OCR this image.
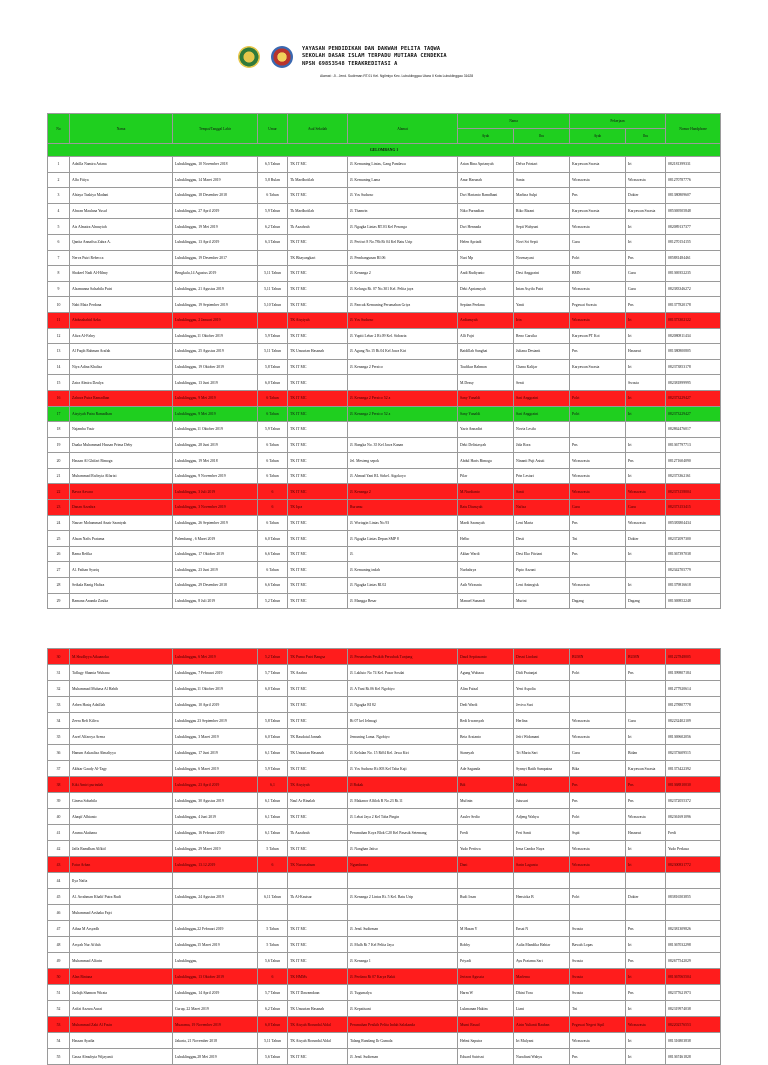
YAYASAN PENDIDIKAN DAN DAKWAH PELITA TAQWA
SEKOLAH DASAR ISLAM TERPADU MUTIARA CENDEKIA
NPSN 69853548 TERAKREDITASI A
Alamat : Jl.. Jend. Sudirman RT.01 Kel. Ngilmiyo Kec. Lubuklinggau Utara II Kota Lubuklinggau 31628
No	Nama	Tempat/Tanggal Lahir	Umur	Asal Sekolah	Alamat	Nama		Pekerjaan		Nomor Handphone
						Ayah	Ibu	Ayah	Ibu	
GELOMBANG 1										
1	Adzilla Namira Ariana	Lubuklinggau, 10 November 2018	6,5 Tahun	TK IT MC	Jl. Kemuning Lintas, Gang Pandawa	Arian Bina Aprianyah	Delva Frintari	Karyawan Swasta	Irt	082181399331
2	Alfa Fitiya	Lubuklinggau, 14 Maret 2019	5,8 Bulan	Tk Mardhotilah	Jl. Kemuning Lama	Anur Harunah	Santa	Wiraswasta	Wiraswasta	081270787776
3	Ahtaya Tazkiya Madani	Lubuklinggau, 18 Desember 2018	6 Tahun	TK IT MC	Jl. Yos Sudarso	Dwi Hartanto Ramdhani	Marlina Sulpi	Pns	Dokter	081380809607
4	Ahwan Maulana Yusuf	Lubuklinggau, 27 April 2019	5,9 Tahun	Tk Mardhotilah	Jl. Thamrin	Niko Purnadian	Riko Rizani	Karyawan Swasta	Karyawan Swasta	085369505848
5	Ais Almaira Alnasyiah	Lubuklinggau, 19 Mei 2019	6,2 Tahun	Tk Azzahrah	Jl. Ngagka Lintas RT.03 Kel Pesonga	Dwi Hennada	Septi Wahyuni	Wiraswasta	Irt	082089137377
6	Qanita Annafisa Zahra A.	Lubuklinggau, 13 April 2019	6,3 Tahun	TK IT MC	Jl. Pertiwi 8 No.78b Rt 04 Kel Batu Urip	Helen Apriadi	Novi Sri Septi	Guru	Irt	081270154155
7	Nerva Putri Rebecca	Lubuklinggau, 19 Desember 2017		TK Bhayangkari	Jl. Pembangunan RI.06	Nuri Mp	Novmayani	Polri	Pns	085881484461
8	Shakeel Nadi Al-Hilmy	Bengkulu,14 Agustus 2019	5,11 Tahun	TK IT MC	Jl. Kenanga 2	Andi Rudiyanto	Desi Anggraini	BMN	Guru	081369352235
9	Alsamanna Salsabila Putri	Lubuklinggau, 21 Agustus 2019	5,11 Tahun	TK IT MC	Jl. Kelurga Rt. 07 No.301 Kel. Pelita jaya	Deki Apriansyah	Intan Asyifa Putri	Wiraswasta	Guru	082383346272
10	Nabi Maiz Perdana	Lubuklinggau, 19 September 2019	5,10 Tahun	TK IT MC	Jl. Pancuk Kemuning Perumahan Griya	Septian Perdana	Yanti	Pegawai Swasta	Pns	081377820178
11	Abdusshahid Azka	Lubuklinggau, 2 Januari 2019		TK Aisyiyah	Jl. Yos Sudarso	Ardiansyah	Irin	Wiraswasta	Irt	081373302122
12	Afiza Al-Fahry	Lubuklinggau,11 Oktober 2019	5,9 Tahun	TK IT MC	Jl. Yupiti Lebar 2 Rt.09 Kel. Sidoarta	Alli Fajri	Reno Garsika	Karyawan PT Koi	Irt	082080811434
13	Al Faqih Rahman Arafah	Lubuklinggau, 25 Agustus 2019	5,11 Tahun	TK Unsurian Hasanah	Jl. Agung No.15 Rt.04 Kel Jawa Kiri	Baidillah Sunghai	Juliana Destanti	Pns	Hasnawi	081380800805
14	Niya Adina Khalisa	Lubuklinggau, 19 Oktober 2019	5,8 Tahun	TK IT MC	Jl. Kenanga 2 Persico	Taufikur Rahman	Chana Kalijar	Karyawan Swasta	Irt	082373853178
15	Zaira Almira Dzulya	Lubuklinggau, 13 Juni 2019	6,0 Tahun	TK IT MC		M.Deasy	Senti		Swasta	082381899995
16	Zahava Putra Ramadhan	Lubuklinggau, 9 Mei 2019	6 Tahun	TK IT MC	Jl. Kenanga 2 Persico 52 a	Sany Yunaldi	Sari Anggraini	Polri	Irt	082373229427
17	Aisyiyah Putra Ramadhan	Lubuklinggau, 9 Mei 2019	6 Tahun	TK IT MC	Jl. Kenanga 2 Persico 52 a	Sany Yunaldi	Sari Anggraini	Polri	Irt	082373229427
18	Najamba Yasir	Lubuklinggau,11 Oktober 2019	5,9 Tahun	TK IT MC		Yazir Annadiri	Novia Lestfa			082862476017
19	Duaka Muhammad Hassan Prima Deby	Lubuklinggau, 28 Juni 2019	6 Tahun	TK IT MC	Jl. Bangka No. 35 Kel Jawa Kanan	Deki Delistasyah	Jida Rora	Pns	Irt	081367797713
20	Hassan Al Ghifari Bimoga	Lubuklinggau, 19 Mei 2018	6 Tahun	TK IT MC	Jel. Mesteng sepok	Abdul Haris Bimoga	Ninanti Puji Astuti	Wiraswasta	Pns	081271604090
21	Muhammad Rafisyia Alfarizi	Lubuklinggau, 9 November 2019	6 Tahun	TK IT MC	Jl. Ahmad Yani RL Sirkel. Aigokoyo	Pilar	Prin Lestari	Wiraswasta	Irt	082373362161
22	Bavra Azvara	Lubuklinggau, 3 Juli 2019	6	TK IT MC	Jl. Kenanga 2	M.Nurdianto	Santi	Wiraswasta	Wiraswasta	082373158004
23	Danan Azzahra	Lubuklinggau, 3 November 2019	6	TK Iqra	Rurumu	Ratu Diansyah	Nafisa	Guru	Guru	082373153415
24	Nauser Mohammad Anair Saantyah	Lubuklinggau, 26 September 2019	6 Tahun	TK IT MC	Jl. Wortagin Lintas No.93	Mardi Saansyah	Leni Marta	Pns	Wiraswasta	085383804434
25	Ahsan Nafis Pratama	Palembang , 6 Maret 2019	6,0 Tahun	TK IT MC	Jl. Ngagka Lintas Depan SMP 8	Helbo	Desti	Tni	Dokter	082372097300
26	Rama Refika	Lubuklinggau, 17 Oktober 2019	6,6 Tahun	TK IT MC	Jl.	Akbar Wardi	Desi Eko Fitriani	Pns	Irt	081367397038
27	Al. Fathan Syariq	Lubuklinggau, 23 Juni 2019	6 Tahun	TK IT MC	Jl. Kemuning indah	Nurbahrya	Pipto Azzani			082342705779
28	Seikala Ranig Hafiza	Lubuklinggau, 29 Desember 2018	6,6 Tahun	TK IT MC	Jl. Ngagka Lintas RI.02	Asih Wirasnia	Leni Aninrgisk	Wiraswasta	Irt	081379816618
29	Ramana Ananda Zasika	Lubuklinggau, 8 Juli 2019	5,2 Tahun	TK IT MC	Jl. Mangga Besar	Manuel Sunandi	Murini	Dagang	Dagang	081369852248
30	M.Shudhyya Aikaanoka	Lubuklinggau, 6 Mei 2019	5,2 Tahun	TK Puma Putri Bangsa	Jl. Perumahan Pesikib Persubuk Tunjung	Daud Septiasanto	Desni Lindani	BUMN	BUMN	081227848005
31	Taflugy Shamia Wubaau	Lubuklinggau, 7 Februari 2019	5,7 Tahun	TK Azahra	Jl. Lakluto No 74 Kel. Pasar Sosdai	Agung Wubaau	Didi Pratanjai	Polri	Pns	081399807184
32	Muhammad Mubasa Al Habib	Lubuklinggau,11 Oktober 2019	6,0 Tahun	TK IT MC	Jl. A Yani Rt.06 Kel Ngobiyo	Alim Faizal	Yeni Aspolia			081277920614
33	Arben Hasiq Adzillah	Lubuklinggau, 10 April 2019		TK IT MC	Jl. Ngagka RI 82	Dedi Wardi	Jeviva Suri			081278807778
34	Zeera Refi Kiliva	Lubuklinggau 23 September 2019	5,8 Tahun	TK IT MC	Rt 07 kel Jelmagi	Redi Irwansyah	Herlina	Wiraswasta	Guru	082232402109
35	Arzef Alfaroya Arena	Lubuklinggau, 3 Maret 2019	6,0 Tahun	TK Raudatul Jannah	Jemuning Lama. Ngobiyo	Beta Arzianto	Jefri Widamani	Wiraswasta	Irt	081369602056
36	Hanum Azkaalisa Almaliyya	Lubuklinggau, 17 Juni 2019	6,1 Tahun	TK Unsurian Hasanah	Jl. Kelalan No. 15 Rt04 Kel. Jawa Kiri	Sianeyah	Tri Marta Sari	Guru	Bidan	082373609515
37	Akhtar Gaudy Al-Tagy	Lubuklinggau, 6 Maret 2019	5,9 Tahun	TK IT MC	Jl. Yos Sudarso Rt.003 Kel Taba Kaji	Ade Saganda	Synnyi Ratih Sumpatna	Bika	Karyawan Swasta	081373422392
38	Kiki Amiri purindah	Lubuklinggau, 23 April 2019	6,1	TK Aisyiyah	Jl Bakak	Bdi	Nebida	Pns	Pns	081368810030
39	Ginesa Sobabila	Lubuklinggau, 30 Agustus 2019	6,1 Tahun	Naul Ar Rinalah	Jl. Makanor Alfilok R No.23 Rt.11	Mufinin	Jutusuri	Pns	Pns	082372055372
40	Ahaqif Albianto	Lubuklinggau, 4 Juni 2019	6,1 Tahun	TK IT MC	Jl. Lebai Jaya 2 Kel Taba Pingin	Asuler Sedio	Adjeng Wahyu	Polri	Wiraswasta	082361691096
41	Aruma Akabana	Lubuklinggau, 16 Februari 2019	6,1 Tahun	Tk Azzahrah	Perumahan Koya Blok C20 Kel Pasasik Setemang	Fredi	Feri Santi	Sspit	Hasnawi	Fredi
42	Jaffa Ramdhan Alfkid	Lubuklinggau, 29 Maret 2019	5 Tahun	TK IT MC	Jl. Nanghan Jatiso	Yudo Pertiwa	Irma Candra Nuya	Wiraswasta	Irt	Yudo Perkasa
43	Fatur Arban	Lubuklinggau, 13.12.2019	6	TK Nurussahum	Ngumboma	Dani	Sarin Laguntu	Wiraswasta	Irt	082300831772
44	Ilya Nafia									
45	Al. Arrahman Khalif Putra Rudi	Lubuklinggau, 24 Agustus 2019	6,11 Tahun	Tk Al-Kautsar	Jl. Kenanga 2 Lintas Rt. 5 Kel. Batu Urip	Rudi Irsan	Hensicka B	Polri	Dokter	083816503855
46	Muhammad Arshaka Fajri									
47	Athaa M Arsyadh	Lubuklinggau,22 Februari 2019	5 Tahun	TK IT MC	Jl. Jend. Sudirman	M Hasan Y	Ensai N	Swasta	Pns	082381309826
48	Arsyah Nur Afifah	Lubuklinggau,15 Maret 2019	5 Tahun	TK IT MC	Jl. Mulh Rt 7 Kel Pelita Jaya	Robby	Aulia Mandika Habiar	Bawah Lopas	Irt	081367032298
49	Muhammad Alfarin	Lubuklinggau,	5,6 Tahun	TK IT MC	Jl. Kenanga 1	Priyadi	Ayu Pratama Sari	Swasta	Pns	082677542029
50	Alan Bintana	Lubuklinggau, 13 Oktober 2019	6	TK HMMs	Jl. Perdana Rt 07 Karya Bakti	Jerizon Agussta	Marlema	Swasta	Irt	081367065504
51	Jazlajh Shamon Wirata	Lubuklinggau, 14 April 2019	5,7 Tahun	TK IT Dawamdaan	Jl. Tugumalya	Harm W	Dhini Yora	Swasta	Pns	082377621973
52	Arifat Azzara Aurai	Curup, 22 Maret 2019	6,2 Tahun	TK Unsurian Hasanah	Jl. Kepatisani	Lukmanan Hakim	Liani	Tni	Irt	082319974038
53	Muhammad Zaki Al Fasin	Muarama, 19 November 2019	6,0 Tahun	TK Aisyah Borundal Aldal	Perumahan Pesikib Pelita Indah Salakanda	Mumi Rasad	Airin Yulianti Rauban	Pegawai Negeri Sipil	Wiraswasta	082202576553
54	Hassan Ayadia	Jakarta, 21 November 2018	5,11 Tahun	TK Aisyah Borundal Aldal	Talang Rundang Ilr Gumala	Helmi Saputra	Irt Mulyani	Wiraswasta	Irt	081316803838
55	Gassa Almubyia Wijayanti	Lubuklinggau,28 Mei 2019	5,6 Tahun	TK IT MC	Jl. Jend. Sudirman	Eduard Sutrisni	Nurafiani Wahyu	Pns	Irt	081367461828
